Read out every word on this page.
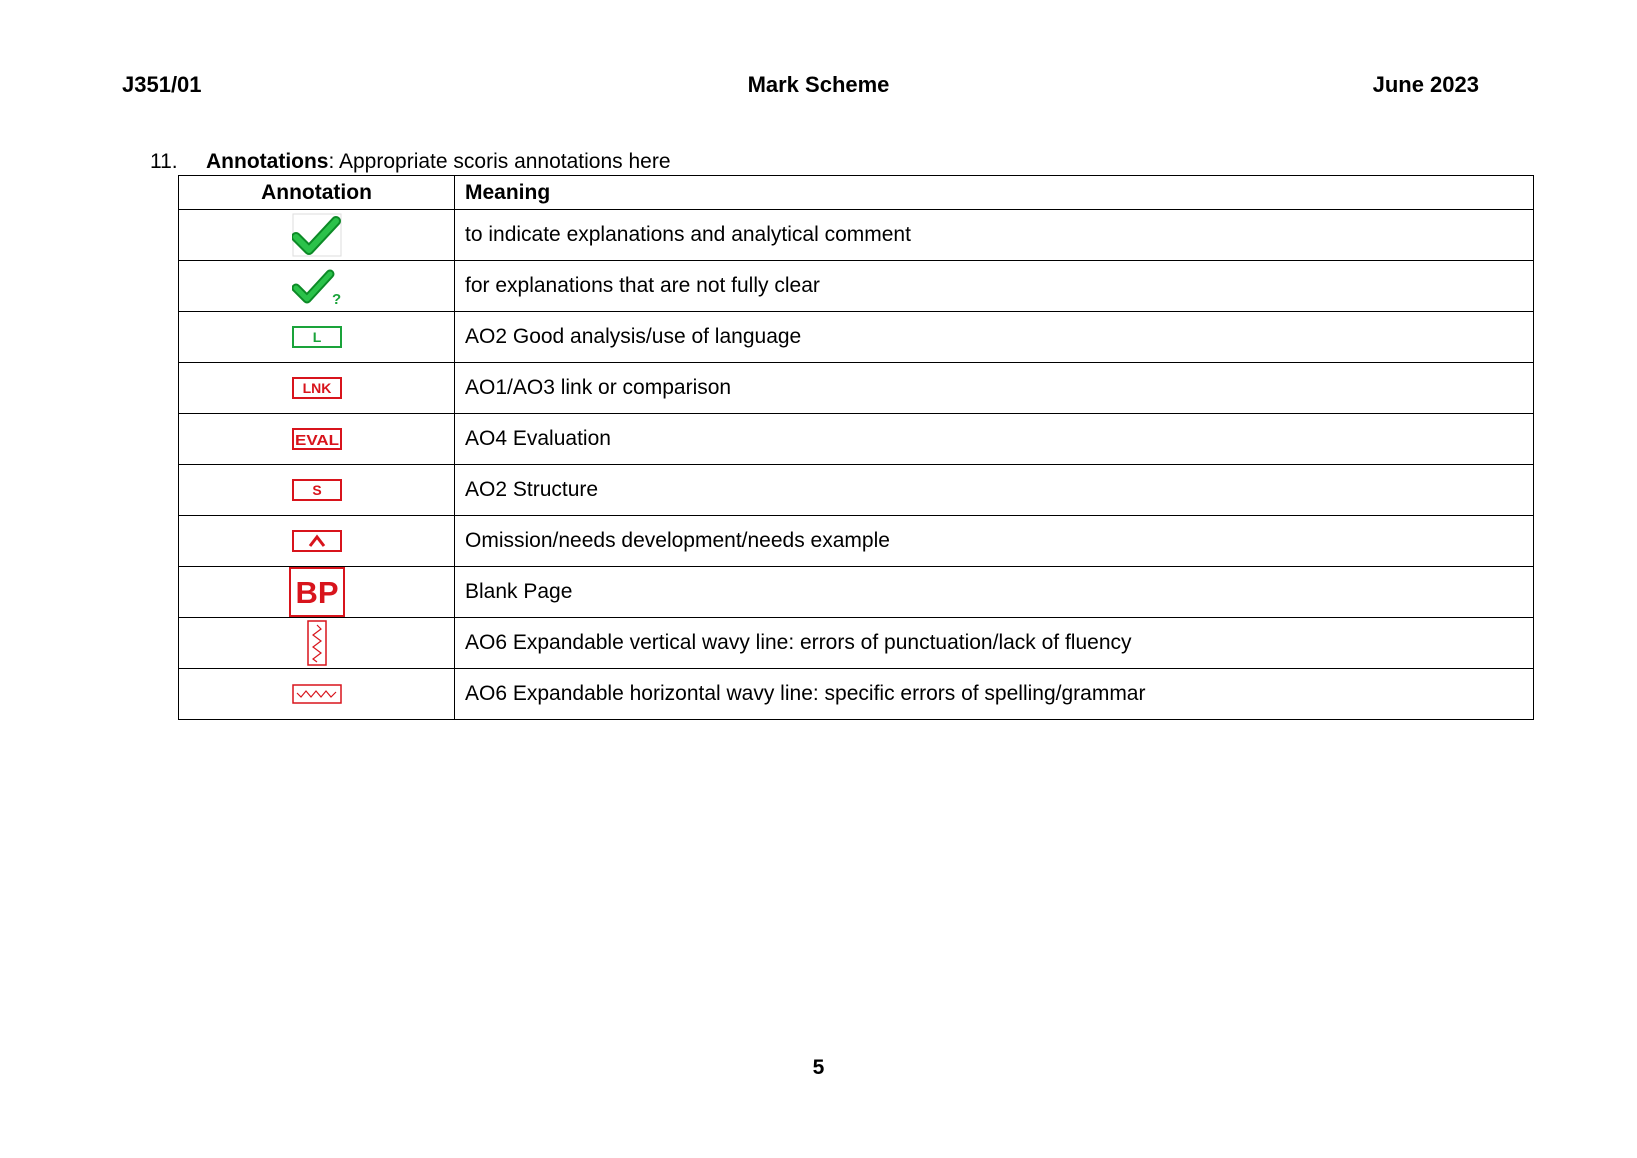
J351/01	Mark Scheme	June 2023
11. Annotations: Appropriate scoris annotations here
Annotation	Meaning

	to indicate explanations and analytical comment

?	for explanations that are not fully clear

L	AO2 Good analysis/use of language

LNK	AO1/AO3 link or comparison

EVAL	AO4 Evaluation

S	AO2 Structure

	Omission/needs development/needs example

BP	Blank Page

	AO6 Expandable vertical wavy line: errors of punctuation/lack of fluency

	AO6 Expandable horizontal wavy line: specific errors of spelling/grammar
5
